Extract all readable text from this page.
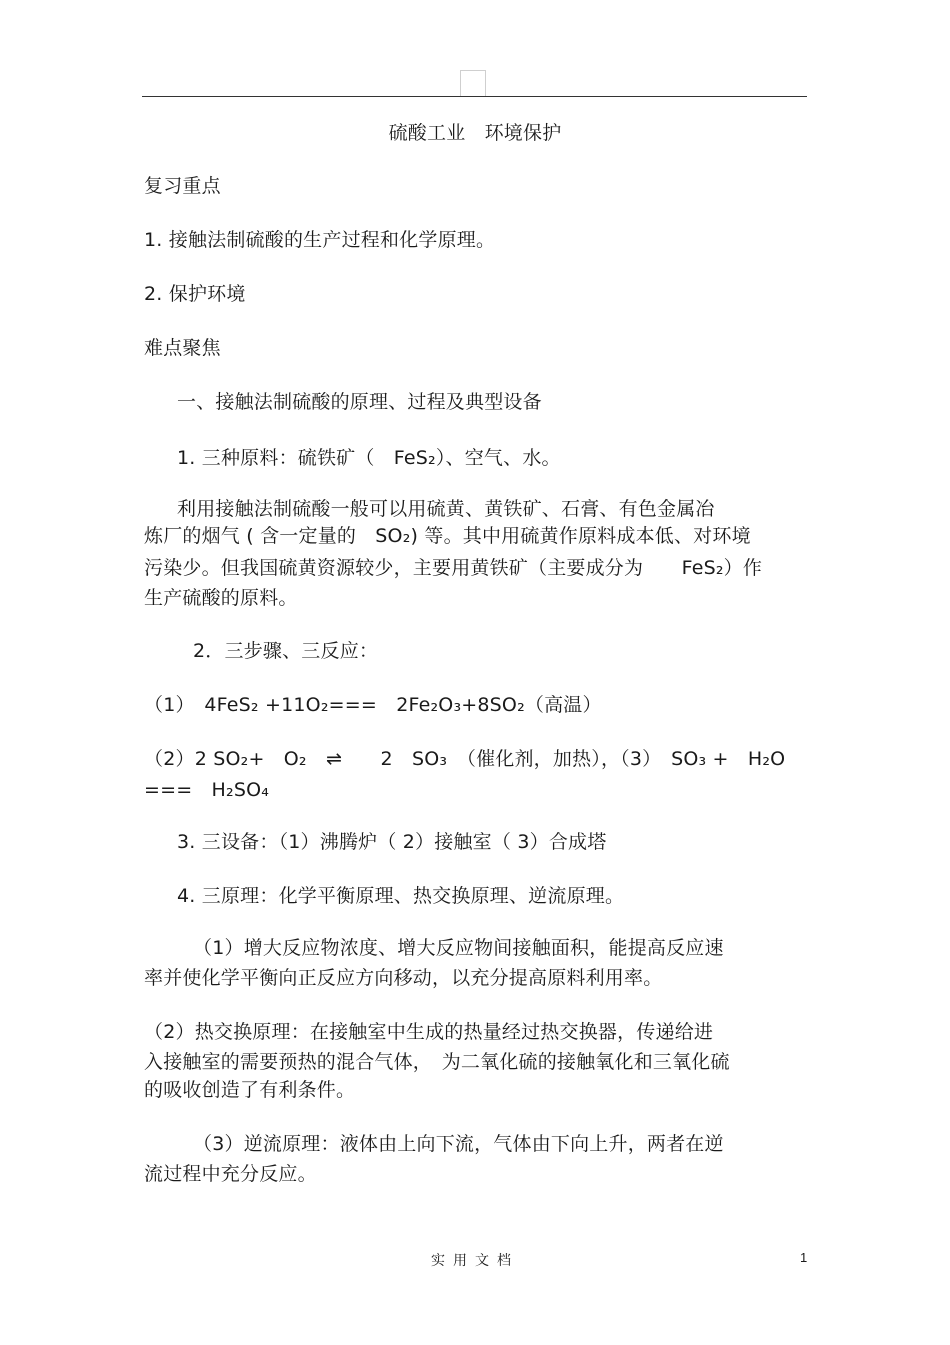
硫酸工业　环境保护
复习重点
1. 接触法制硫酸的生产过程和化学原理。
2. 保护环境
难点聚焦
一、接触法制硫酸的原理、过程及典型设备
1. 三种原料：硫铁矿（　FeS₂）、空气、水。
利用接触法制硫酸一般可以用硫黄、黄铁矿、石膏、有色金属冶
炼厂的烟气 ( 含一定量的　SO₂) 等。其中用硫黄作原料成本低、对环境
污染少。但我国硫黄资源较少，主要用黄铁矿（主要成分为　　FeS₂）作
生产硫酸的原料。
2．三步骤、三反应：
（1）　4FeS₂ +11O₂===　2Fe₂O₃+8SO₂（高温）
（2）2 SO₂+　O₂　⇌　　2　SO₃　（催化剂，加热），（3）　SO₃ +　H₂O
===　H₂SO₄
3. 三设备：（1）沸腾炉（ 2）接触室（ 3）合成塔
4. 三原理：化学平衡原理、热交换原理、逆流原理。
（1）增大反应物浓度、增大反应物间接触面积，能提高反应速
率并使化学平衡向正反应方向移动，以充分提高原料利用率。
（2）热交换原理：在接触室中生成的热量经过热交换器，传递给进
入接触室的需要预热的混合气体，　为二氧化硫的接触氧化和三氧化硫
的吸收创造了有利条件。
（3）逆流原理：液体由上向下流，气体由下向上升，两者在逆
流过程中充分反应。
实用文档	1
